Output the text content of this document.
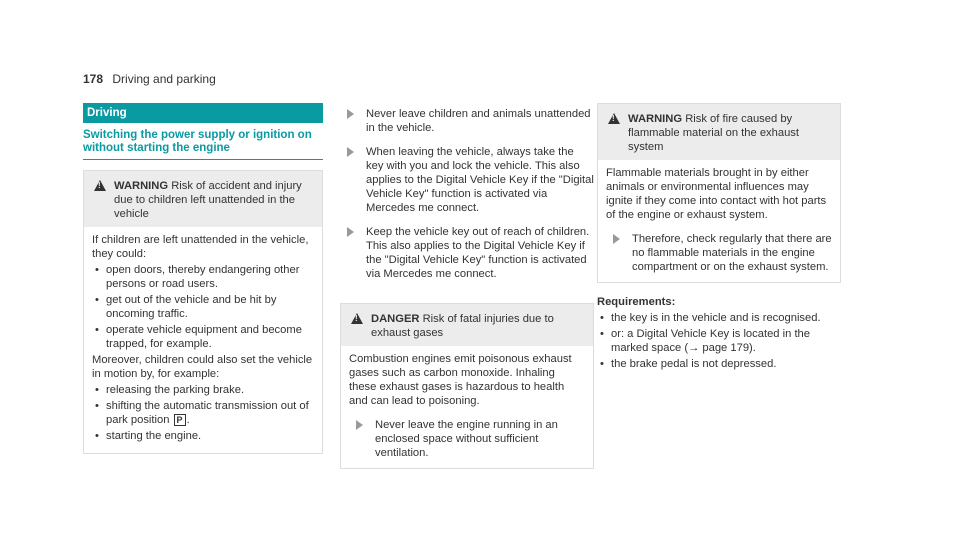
178 Driving and parking
Driving
Switching the power supply or ignition on without starting the engine
!
WARNING Risk of accident and injury due to children left unattended in the vehicle

If children are left unattended in the vehicle, they could:

• open doors, thereby endangering other persons or road users.
• get out of the vehicle and be hit by oncoming traffic.
• operate vehicle equipment and become trapped, for example.

Moreover, children could also set the vehicle in motion by, for example:

• releasing the parking brake.
• shifting the automatic transmission out of park position P .
• starting the engine.
Never leave children and animals unattended in the vehicle.
When leaving the vehicle, always take the key with you and lock the vehicle. This also applies to the Digital Vehicle Key if the "Digital Vehicle Key" function is activated via Mercedes me connect.
Keep the vehicle key out of reach of children. This also applies to the Digital Vehicle Key if the "Digital Vehicle Key" function is activated via Mercedes me connect.
!
DANGER Risk of fatal injuries due to exhaust gases

Combustion engines emit poisonous exhaust gases such as carbon monoxide. Inhaling these exhaust gases is hazardous to health and can lead to poisoning.

Never leave the engine running in an enclosed space without sufficient ventilation.
!
WARNING Risk of fire caused by flammable material on the exhaust system

Flammable materials brought in by either animals or environmental influences may ignite if they come into contact with hot parts of the engine or exhaust system.

Therefore, check regularly that there are no flammable materials in the engine compartment or on the exhaust system.

Requirements:

• the key is in the vehicle and is recognised.
• or: a Digital Vehicle Key is located in the marked space (→ page 179).
• the brake pedal is not depressed.
